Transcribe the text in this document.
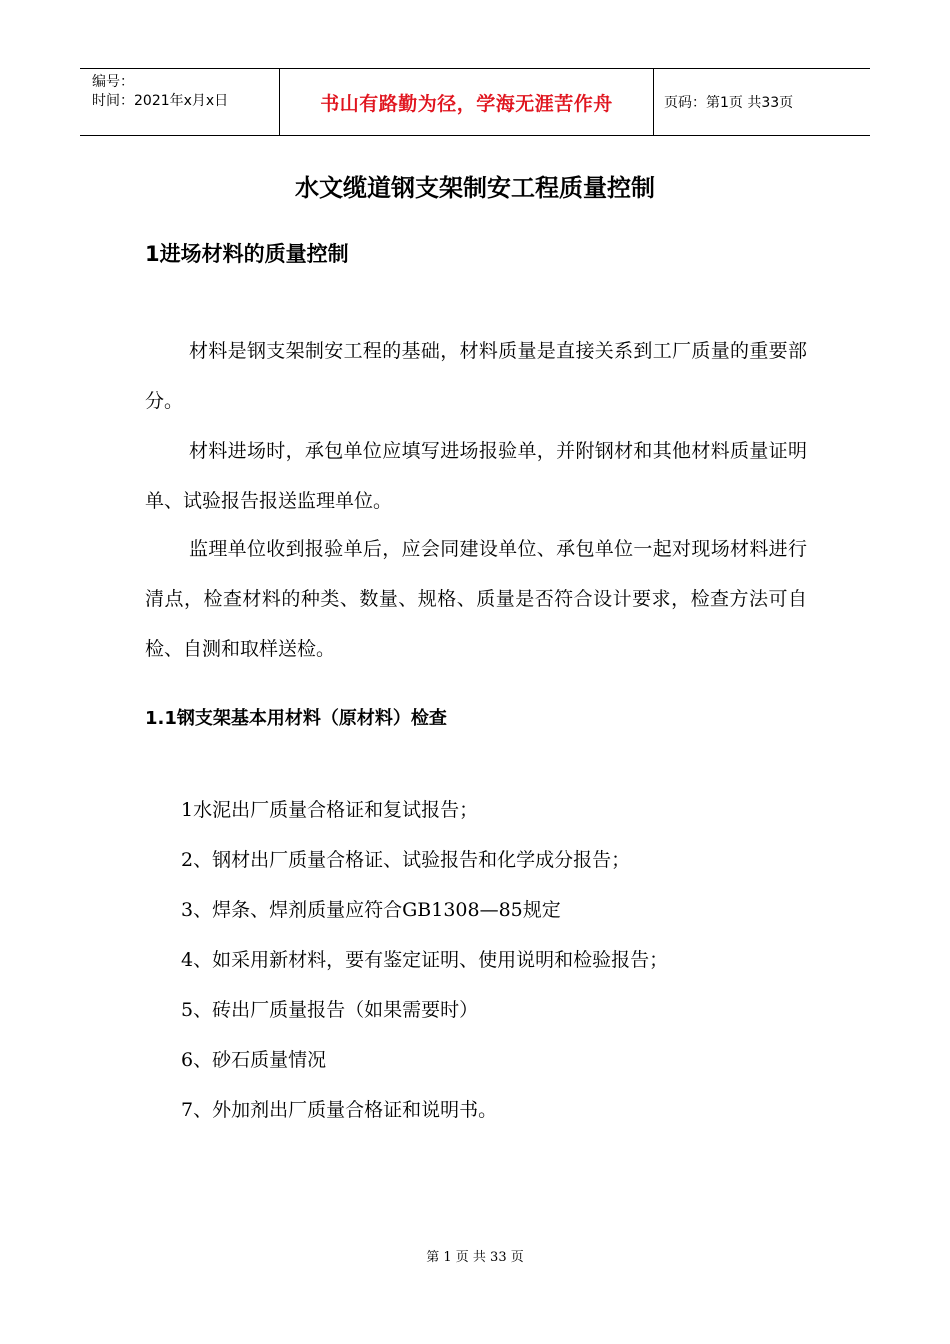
编号：
时间：2021年x月x日	书山有路勤为径，学海无涯苦作舟	页码：第1页 共33页
水文缆道钢支架制安工程质量控制
1进场材料的质量控制

材料是钢支架制安工程的基础，材料质量是直接关系到工厂质量的重要部分。

材料进场时，承包单位应填写进场报验单，并附钢材和其他材料质量证明单、试验报告报送监理单位。

监理单位收到报验单后，应会同建设单位、承包单位一起对现场材料进行清点，检查材料的种类、数量、规格、质量是否符合设计要求，检查方法可自检、自测和取样送检。

1.1钢支架基本用材料（原材料）检查
1水泥出厂质量合格证和复试报告；
2、钢材出厂质量合格证、试验报告和化学成分报告；
3、焊条、焊剂质量应符合GB1308—85规定
4、如采用新材料，要有鉴定证明、使用说明和检验报告；
5、砖出厂质量报告（如果需要时）
6、砂石质量情况
7、外加剂出厂质量合格证和说明书。
第 1 页 共 33 页
